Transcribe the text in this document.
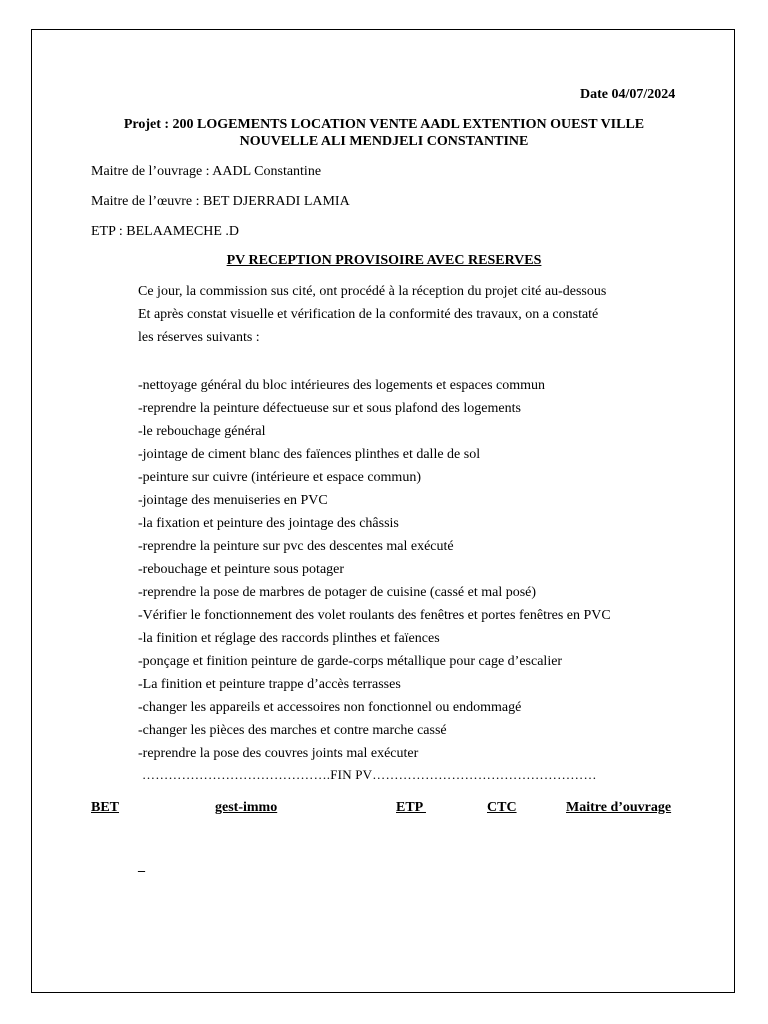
Date 04/07/2024
Projet : 200 LOGEMENTS LOCATION VENTE AADL EXTENTION OUEST VILLE NOUVELLE ALI MENDJELI CONSTANTINE
Maitre de l’ouvrage : AADL Constantine
Maitre de l’œuvre : BET DJERRADI LAMIA
ETP : BELAAMECHE .D
PV RECEPTION PROVISOIRE AVEC RESERVES
Ce jour, la commission sus cité, ont procédé à la réception du projet cité au-dessous
Et après constat visuelle et vérification de la conformité des travaux, on a constaté
les réserves suivants :
-nettoyage général du bloc intérieures des logements et espaces commun
-reprendre la peinture défectueuse sur et sous plafond des logements
-le rebouchage général
-jointage de ciment blanc des faïences plinthes et dalle de sol
-peinture sur cuivre (intérieure et espace commun)
-jointage des menuiseries en PVC
-la fixation et peinture des jointage des châssis
-reprendre la peinture sur pvc des descentes mal exécuté
-rebouchage et peinture sous potager
-reprendre la pose de marbres de potager de cuisine (cassé et mal posé)
-Vérifier le fonctionnement des volet roulants des fenêtres et portes fenêtres en PVC
-la finition et réglage des raccords plinthes et faïences
-ponçage et finition peinture de garde-corps métallique pour cage d’escalier
-La finition et peinture trappe d’accès terrasses
-changer les appareils et accessoires non fonctionnel ou endommagé
-changer les pièces des marches et contre marche cassé
-reprendre la pose des couvres joints mal exécuter
…………………………………….FIN PV……………………………………………
BET	gest-immo	ETP	CTC	Maitre d’ouvrage
_
